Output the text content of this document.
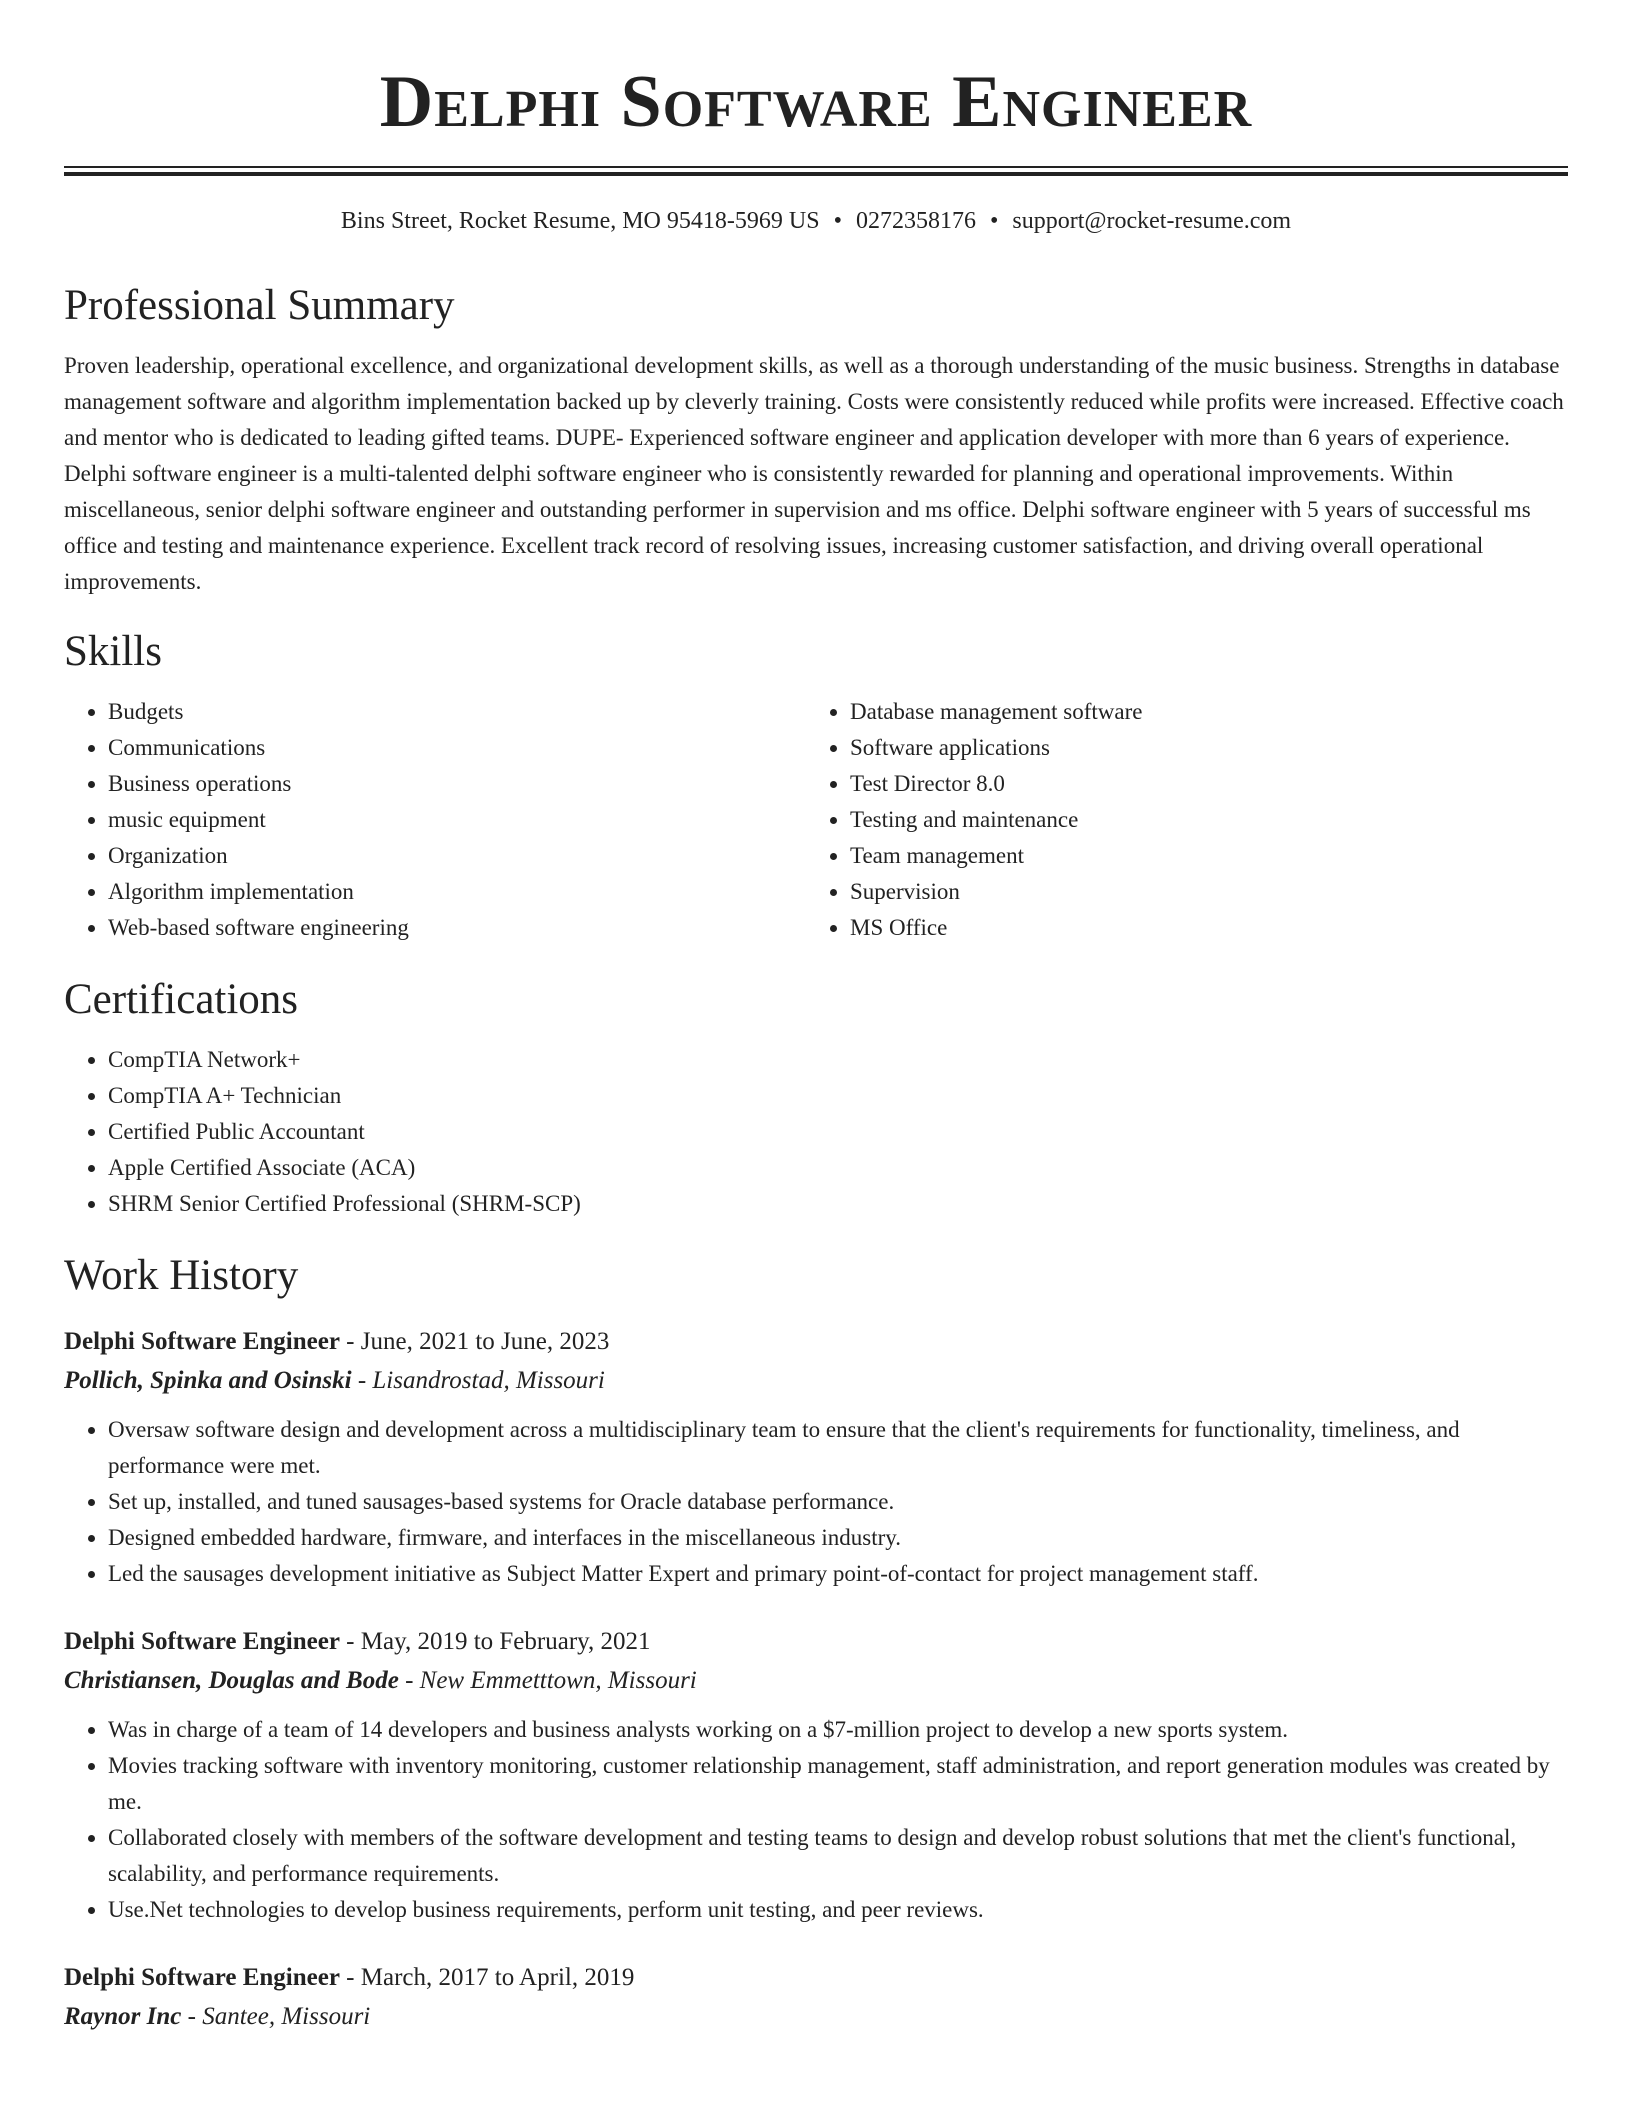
Delphi Software Engineer
Bins Street, Rocket Resume, MO 95418-5969 US • 0272358176 • support@rocket-resume.com
Professional Summary

Proven leadership, operational excellence, and organizational development skills, as well as a thorough understanding of the music business. Strengths in database management software and algorithm implementation backed up by cleverly training. Costs were consistently reduced while profits were increased. Effective coach and mentor who is dedicated to leading gifted teams. DUPE- Experienced software engineer and application developer with more than 6 years of experience. Delphi software engineer is a multi-talented delphi software engineer who is consistently rewarded for planning and operational improvements. Within miscellaneous, senior delphi software engineer and outstanding performer in supervision and ms office. Delphi software engineer with 5 years of successful ms office and testing and maintenance experience. Excellent track record of resolving issues, increasing customer satisfaction, and driving overall operational improvements.

Skills
• Budgets
• Communications
• Business operations
• music equipment
• Organization
• Algorithm implementation
• Web-based software engineering
• Database management software
• Software applications
• Test Director 8.0
• Testing and maintenance
• Team management
• Supervision
• MS Office
Certifications
• CompTIA Network+
• CompTIA A+ Technician
• Certified Public Accountant
• Apple Certified Associate (ACA)
• SHRM Senior Certified Professional (SHRM-SCP)
Work History
Delphi Software Engineer - June, 2021 to June, 2023
Pollich, Spinka and Osinski - Lisandrostad, Missouri
• Oversaw software design and development across a multidisciplinary team to ensure that the client's requirements for functionality, timeliness, and performance were met.
• Set up, installed, and tuned sausages-based systems for Oracle database performance.
• Designed embedded hardware, firmware, and interfaces in the miscellaneous industry.
• Led the sausages development initiative as Subject Matter Expert and primary point-of-contact for project management staff.
Delphi Software Engineer - May, 2019 to February, 2021
Christiansen, Douglas and Bode - New Emmetttown, Missouri
• Was in charge of a team of 14 developers and business analysts working on a $7-million project to develop a new sports system.
• Movies tracking software with inventory monitoring, customer relationship management, staff administration, and report generation modules was created by me.
• Collaborated closely with members of the software development and testing teams to design and develop robust solutions that met the client's functional, scalability, and performance requirements.
• Use.Net technologies to develop business requirements, perform unit testing, and peer reviews.
Delphi Software Engineer - March, 2017 to April, 2019
Raynor Inc - Santee, Missouri
